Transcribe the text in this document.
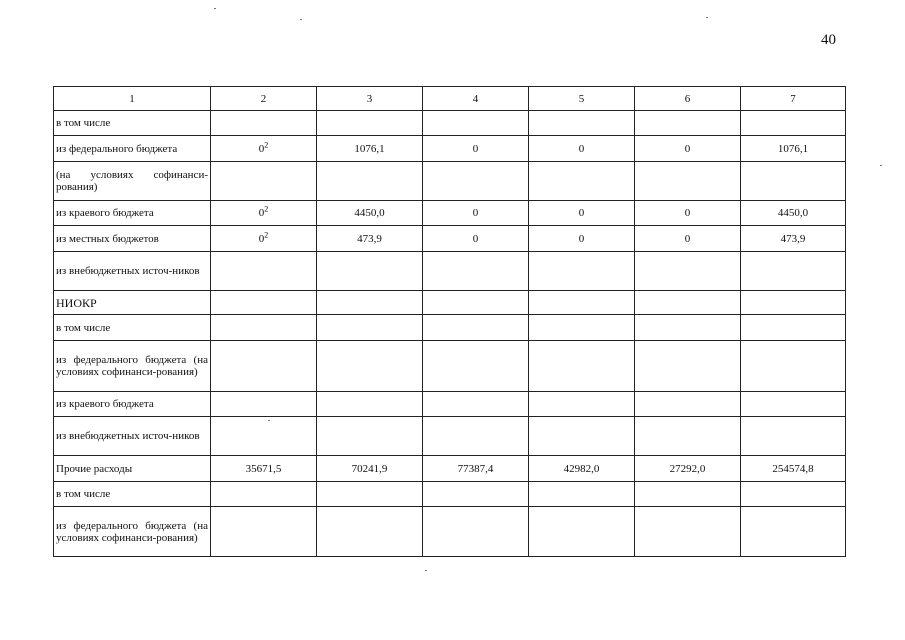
40
1	2	3	4	5	6	7
в том числе						
из федерального бюджета	$0^2$	1076,1	0	0	0	1076,1
(на условиях софинанси-рования)						
из краевого бюджета	$0^2$	4450,0	0	0	0	4450,0
из местных бюджетов	$0^2$	473,9	0	0	0	473,9
из внебюджетных источ-ников						
НИОКР						
в том числе						
из федерального бюджета (на условиях софинанси-рования)						
из краевого бюджета						
из внебюджетных источ-ников						
Прочие расходы	35671,5	70241,9	77387,4	42982,0	27292,0	254574,8
в том числе						
из федерального бюджета (на условиях софинанси-рования)						
